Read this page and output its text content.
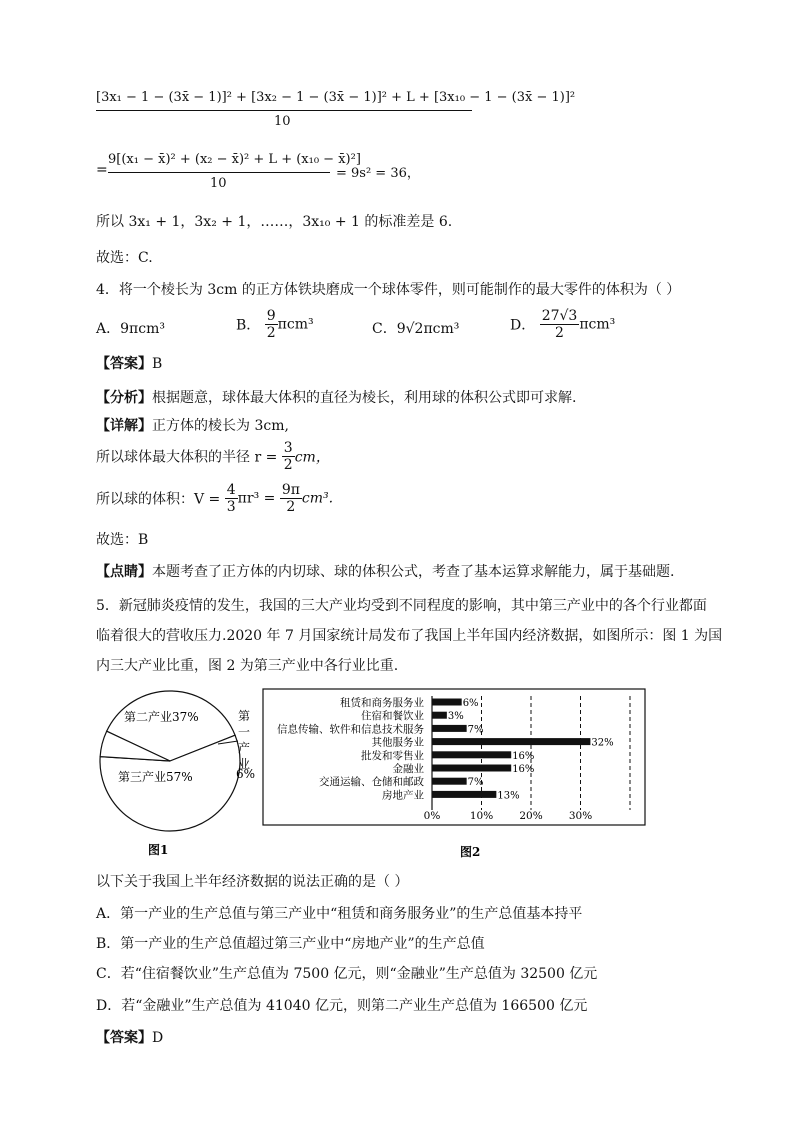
[3x₁ − 1 − (3x̄ − 1)]² + [3x₂ − 1 − (3x̄ − 1)]² + L + [3x₁₀ − 1 − (3x̄ − 1)]²
10
=
9[(x₁ − x̄)² + (x₂ − x̄)² + L + (x₁₀ − x̄)²]
10
= 9s² = 36，
所以 3x₁ + 1，3x₂ + 1，……，3x₁₀ + 1 的标准差是 6.
故选：C.
4．将一个棱长为 3cm 的正方体铁块磨成一个球体零件，则可能制作的最大零件的体积为（ ）
A．9πcm³	B． $\frac{9}{2} \pi cm^3$	C．9√2πcm³	D． $\frac{27√3}{2} \pi cm^3$
【答案】B
【分析】根据题意，球体最大体积的直径为棱长，利用球的体积公式即可求解.
【详解】正方体的棱长为 3cm,
所以球体最大体积的半径 $r = \frac{3}{2}$ cm，
所以球的体积：$V = \frac{4}{3} \pi r^3 = \frac{9\pi}{2} cm^3$.
故选：B
【点睛】本题考查了正方体的内切球、球的体积公式，考查了基本运算求解能力，属于基础题.
5．新冠肺炎疫情的发生，我国的三大产业均受到不同程度的影响，其中第三产业中的各个行业都面
临着很大的营收压力.2020 年 7 月国家统计局发布了我国上半年国内经济数据，如图所示：图 1 为国
内三大产业比重，图 2 为第三产业中各行业比重.
第二产业37%
第三产业57%
第
一
产
业
6%
图1
租赁和商务服务业
住宿和餐饮业
信息传输、软件和信息技术服务
其他服务业
批发和零售业
金融业
交通运输、仓储和邮政
房地产业
6%
3%
7%
32%
16%
16%
7%
13%
0%	10% 20% 30%
图2
以下关于我国上半年经济数据的说法正确的是（ ）
A．第一产业的生产总值与第三产业中“租赁和商务服务业”的生产总值基本持平
B．第一产业的生产总值超过第三产业中“房地产业”的生产总值
C．若“住宿餐饮业”生产总值为 7500 亿元，则“金融业”生产总值为 32500 亿元
D．若“金融业”生产总值为 41040 亿元，则第二产业生产总值为 166500 亿元
【答案】D
